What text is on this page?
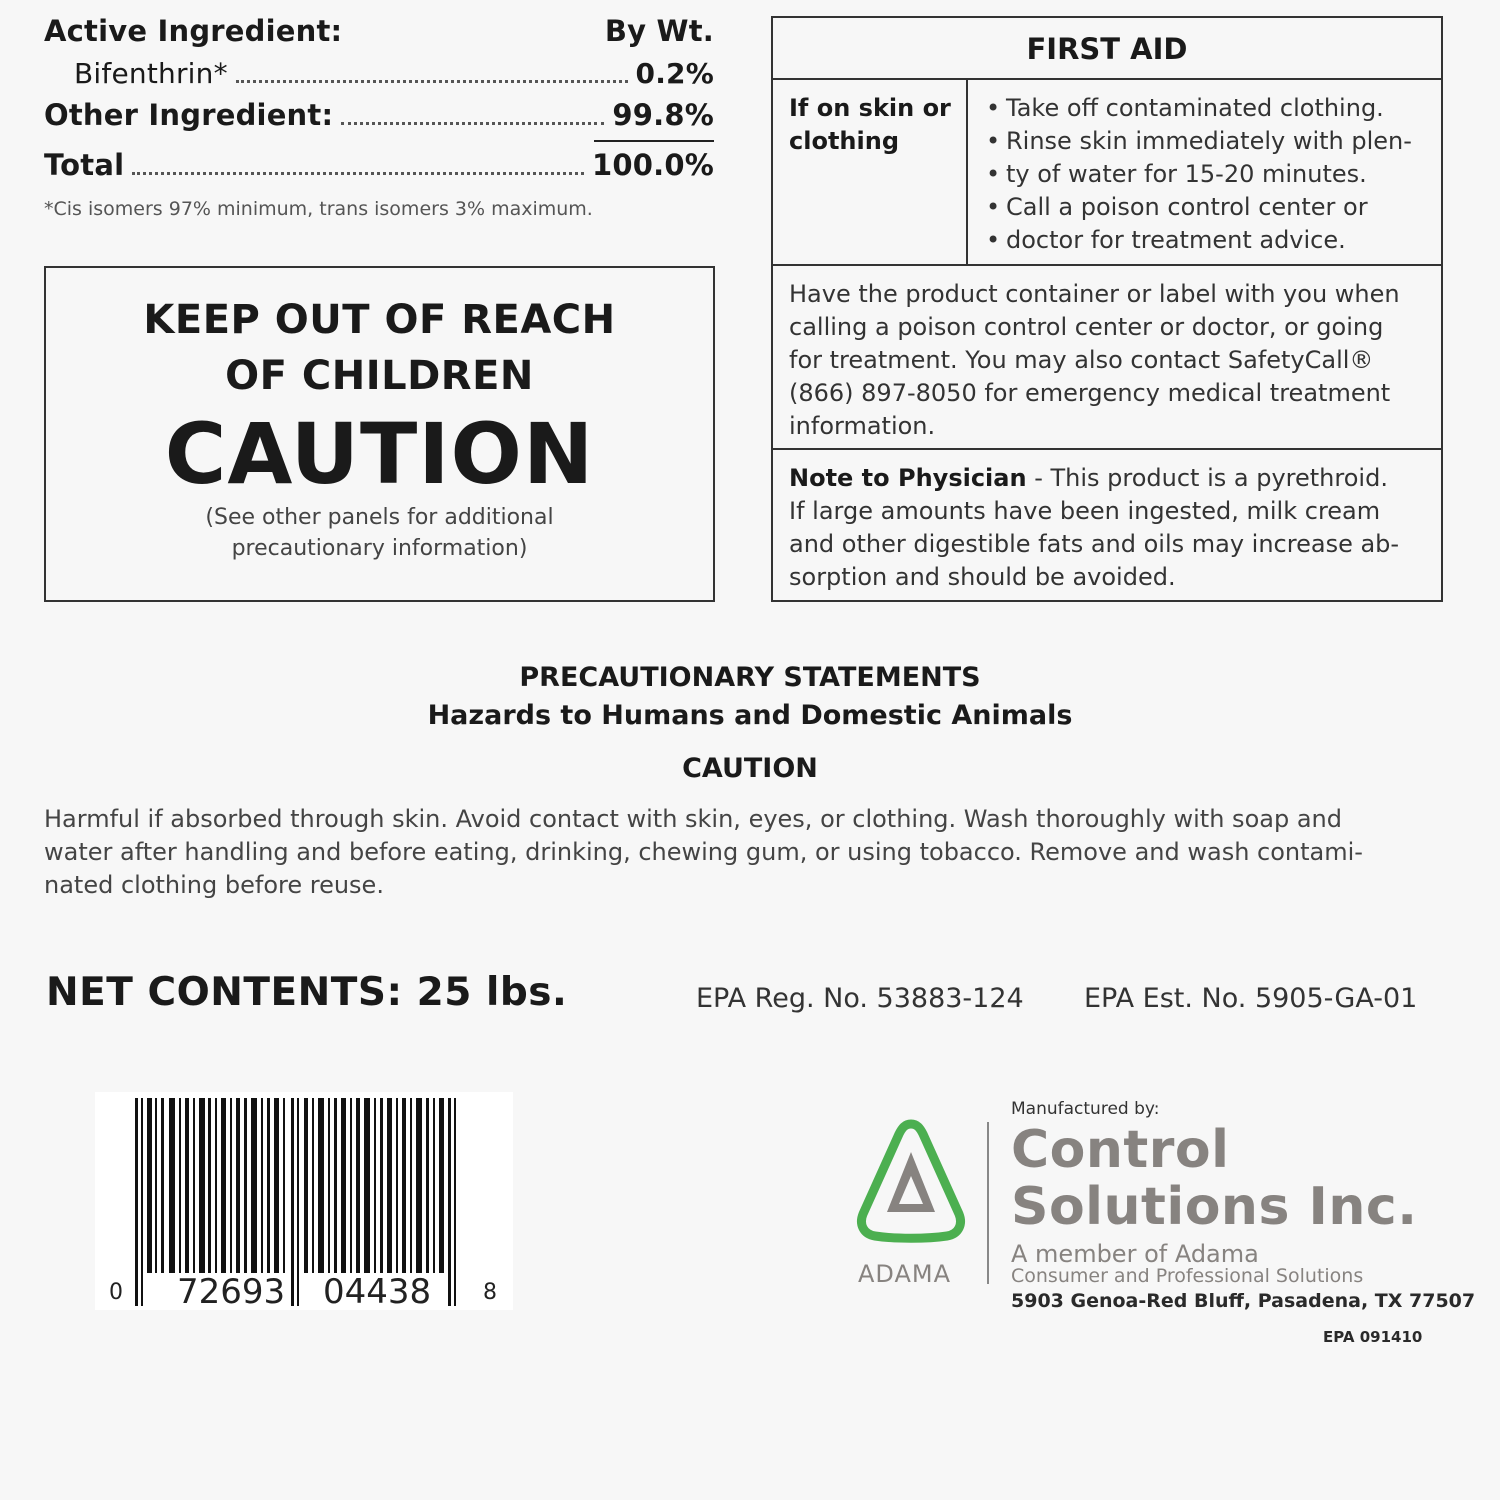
Active Ingredient:	By Wt.
Bifenthrin*	0.2%
Other Ingredient:	99.8%
Total	100.0%
*Cis isomers 97% minimum, trans isomers 3% maximum.
KEEP OUT OF REACH
OF CHILDREN
CAUTION
(See other panels for additional
precautionary information)
FIRST AID
If on skin or
clothing
• Take off contaminated clothing.
• Rinse skin immediately with plen-
• ty of water for 15-20 minutes.
• Call a poison control center or
• doctor for treatment advice.
Have the product container or label with you when
calling a poison control center or doctor, or going
for treatment. You may also contact SafetyCall®
(866) 897-8050 for emergency medical treatment
information.
Note to Physician - This product is a pyrethroid.
If large amounts have been ingested, milk cream
and other digestible fats and oils may increase ab-
sorption and should be avoided.
PRECAUTIONARY STATEMENTS
Hazards to Humans and Domestic Animals
CAUTION
Harmful if absorbed through skin. Avoid contact with skin, eyes, or clothing. Wash thoroughly with soap and
water after handling and before eating, drinking, chewing gum, or using tobacco. Remove and wash contami-
nated clothing before reuse.
NET CONTENTS: 25 lbs.	EPA Reg. No. 53883-124 EPA Est. No. 5905-GA-01
0 72693 04438 8
ADAMA
Manufactured by:
Control
Solutions Inc.
A member of Adama
Consumer and Professional Solutions
5903 Genoa-Red Bluff, Pasadena, TX 77507
EPA 091410
